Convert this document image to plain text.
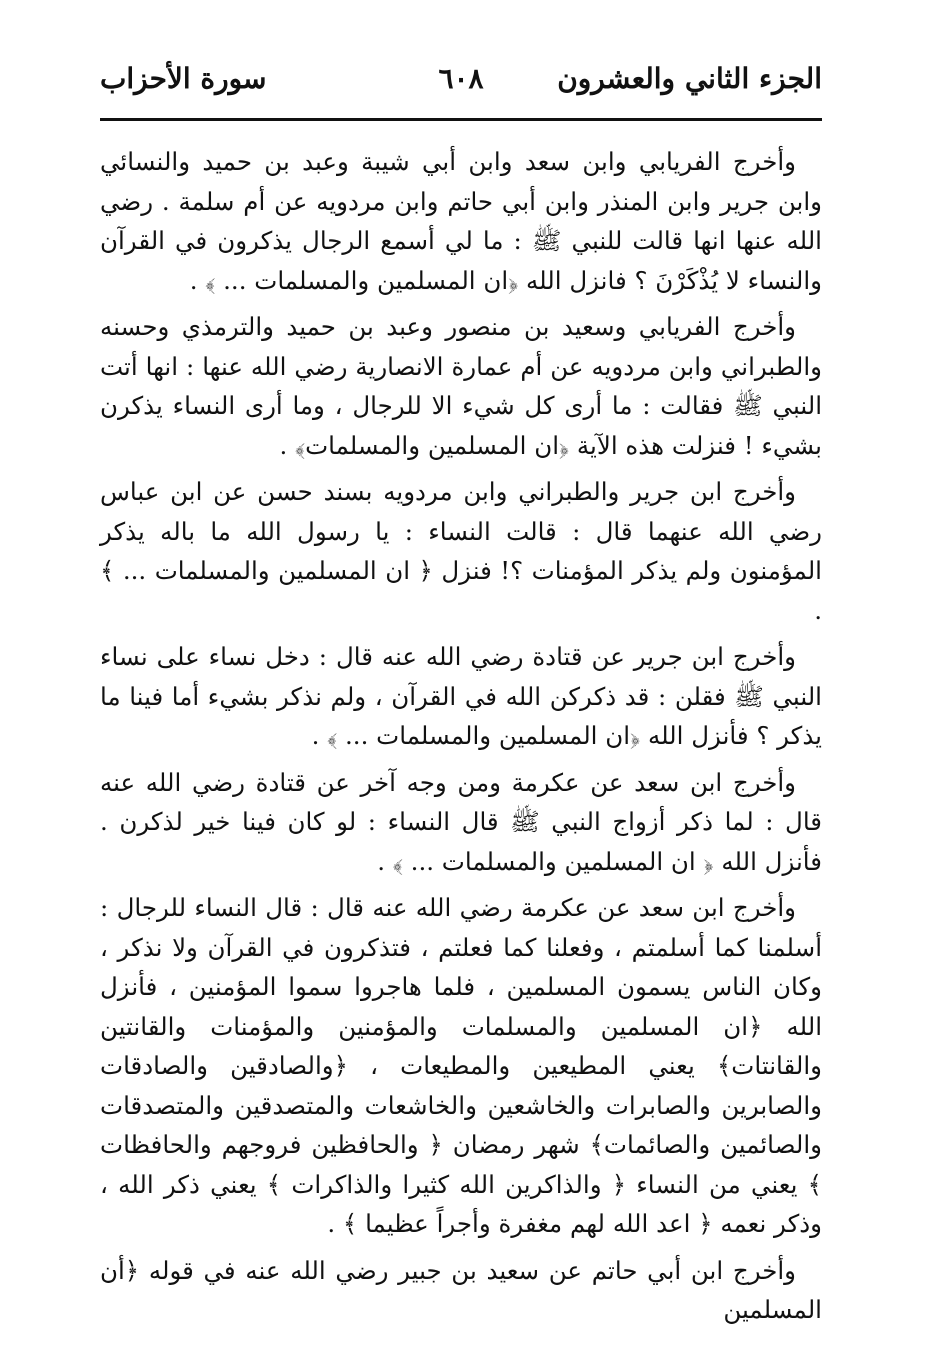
الجزء الثاني والعشرون
٦٠٨
سورة الأحزاب

وأخرج الفريابي وابن سعد وابن أبي شيبة وعبد بن حميد والنسائي وابن جرير وابن المنذر وابن أبي حاتم وابن مردويه عن أم سلمة . رضي الله عنها انها قالت للنبي ﷺ : ما لي أسمع الرجال يذكرون في القرآن والنساء لا يُذْكَرْنَ ؟ فانزل الله ﴿ان المسلمين والمسلمات ... ﴾ .

وأخرج الفريابي وسعيد بن منصور وعبد بن حميد والترمذي وحسنه والطبراني وابن مردويه عن أم عمارة الانصارية رضي الله عنها : انها أتت النبي ﷺ فقالت : ما أرى كل شيء الا للرجال ، وما أرى النساء يذكرن بشيء ! فنزلت هذه الآية ﴿ان المسلمين والمسلمات﴾ .

وأخرج ابن جرير والطبراني وابن مردويه بسند حسن عن ابن عباس رضي الله عنهما قال : قالت النساء : يا رسول الله ما باله يذكر المؤمنون ولم يذكر المؤمنات ؟! فنزل ﴿ ان المسلمين والمسلمات ... ﴾ .

وأخرج ابن جرير عن قتادة رضي الله عنه قال : دخل نساء على نساء النبي ﷺ فقلن : قد ذكركن الله في القرآن ، ولم نذكر بشيء أما فينا ما يذكر ؟ فأنزل الله ﴿ان المسلمين والمسلمات ... ﴾ .

وأخرج ابن سعد عن عكرمة ومن وجه آخر عن قتادة رضي الله عنه قال : لما ذكر أزواج النبي ﷺ قال النساء : لو كان فينا خير لذكرن . فأنزل الله ﴿ ان المسلمين والمسلمات ... ﴾ .

وأخرج ابن سعد عن عكرمة رضي الله عنه قال : قال النساء للرجال : أسلمنا كما أسلمتم ، وفعلنا كما فعلتم ، فتذكرون في القرآن ولا نذكر ، وكان الناس يسمون المسلمين ، فلما هاجروا سموا المؤمنين ، فأنزل الله ﴿ان المسلمين والمسلمات والمؤمنين والمؤمنات والقانتين والقانتات﴾ يعني المطيعين والمطيعات ، ﴿والصادقين والصادقات والصابرين والصابرات والخاشعين والخاشعات والمتصدقين والمتصدقات والصائمين والصائمات﴾ شهر رمضان ﴿ والحافظين فروجهم والحافظات ﴾ يعني من النساء ﴿ والذاكرين الله كثيرا والذاكرات ﴾ يعني ذكر الله ، وذكر نعمه ﴿ اعد الله لهم مغفرة وأجراً عظيما ﴾ .

وأخرج ابن أبي حاتم عن سعيد بن جبير رضي الله عنه في قوله ﴿أن المسلمين
